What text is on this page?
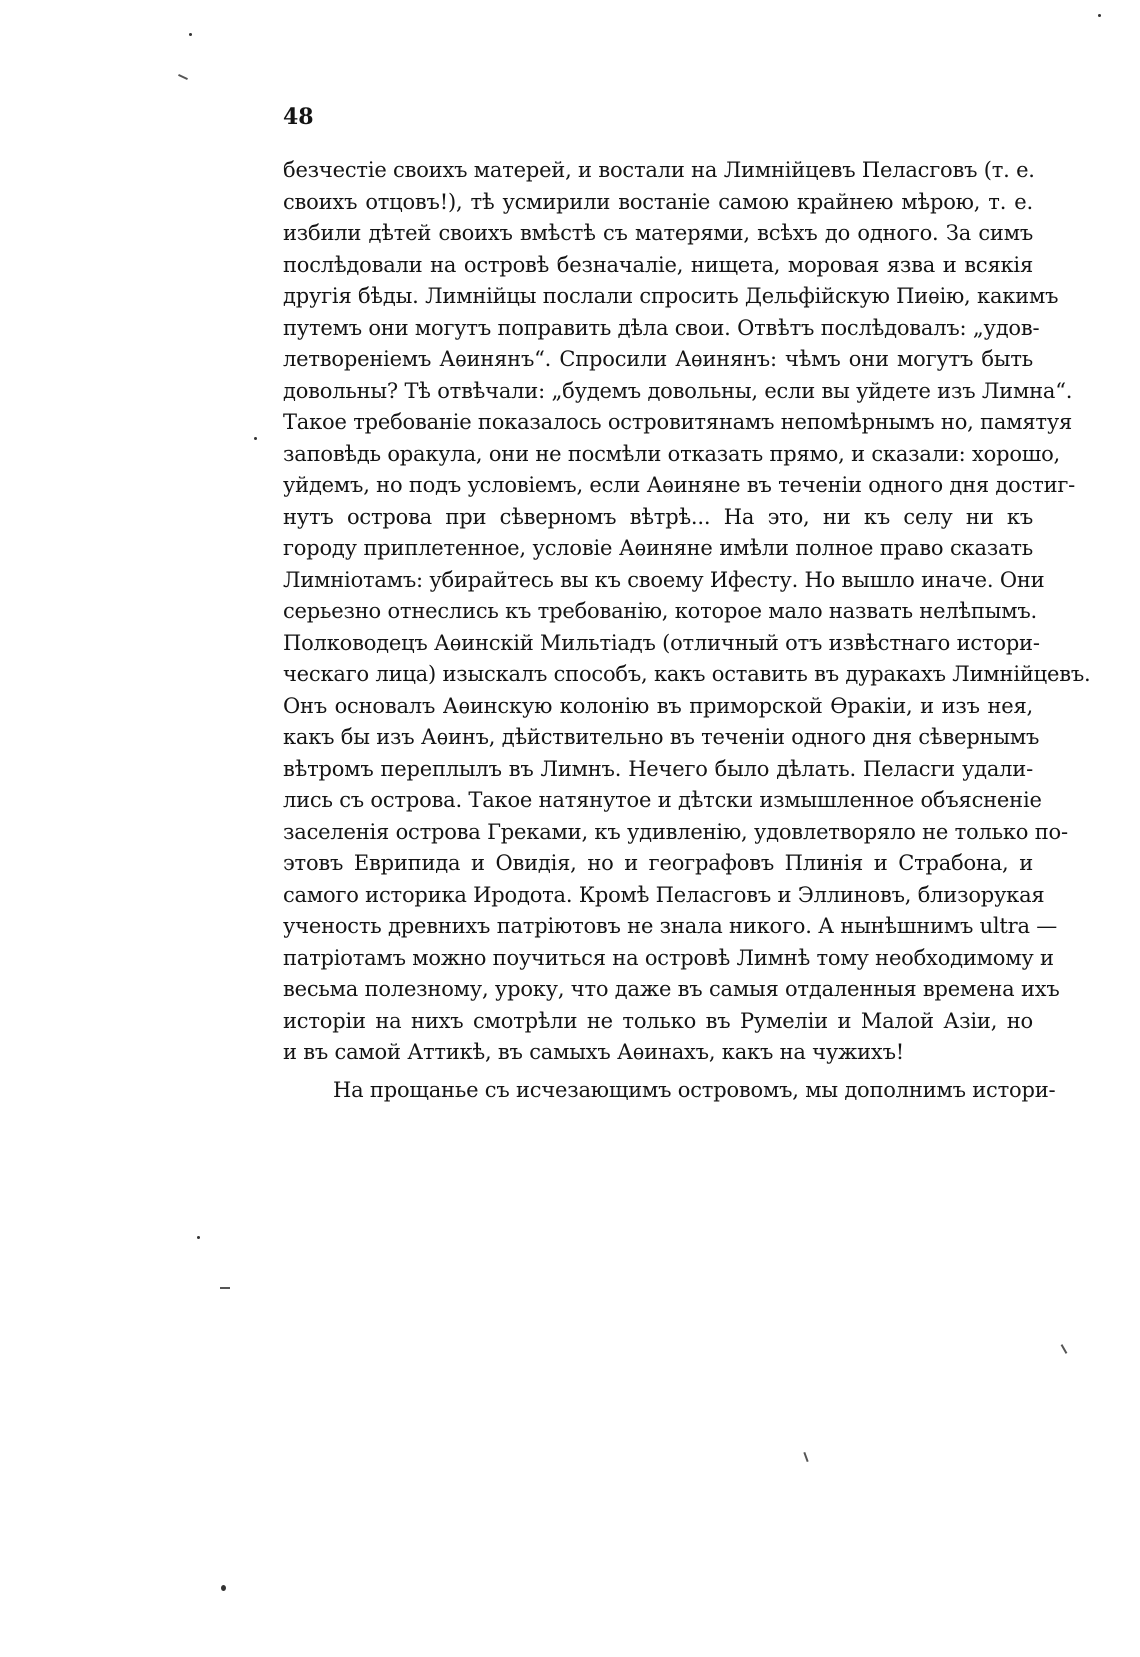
48
безчестіе своихъ матерей, и востали на Лимнійцевъ Пеласговъ (т. е.
своихъ отцовъ!), тѣ усмирили востаніе самою крайнею мѣрою, т. е.
избили дѣтей своихъ вмѣстѣ съ матерями, всѣхъ до одного. За симъ
послѣдовали на островѣ безначаліе, нищета, моровая язва и всякія
другія бѣды. Лимнійцы послали спросить Дельфійскую Пиѳію, какимъ
путемъ они могутъ поправить дѣла свои. Отвѣтъ послѣдовалъ: „удов-
летвореніемъ Аѳинянъ“. Спросили Аѳинянъ: чѣмъ они могутъ быть
довольны? Тѣ отвѣчали: „будемъ довольны, если вы уйдете изъ Лимна“.
Такое требованіе показалось островитянамъ непомѣрнымъ но, памятуя
заповѣдь оракула, они не посмѣли отказать прямо, и сказали: хорошо,
уйдемъ, но подъ условіемъ, если Аѳиняне въ теченіи одного дня достиг-
нутъ острова при сѣверномъ вѣтрѣ... На это, ни къ селу ни къ
городу приплетенное, условіе Аѳиняне имѣли полное право сказать
Лимніотамъ: убирайтесь вы къ своему Ифесту. Но вышло иначе. Они
серьезно отнеслись къ требованію, которое мало назвать нелѣпымъ.
Полководецъ Аѳинскій Мильтіадъ (отличный отъ извѣстнаго истори-
ческаго лица) изыскалъ способъ, какъ оставить въ дуракахъ Лимнійцевъ.
Онъ основалъ Аѳинскую колонію въ приморской Ѳракіи, и изъ нея,
какъ бы изъ Аѳинъ, дѣйствительно въ теченіи одного дня сѣвернымъ
вѣтромъ переплылъ въ Лимнъ. Нечего было дѣлать. Пеласги удали-
лись съ острова. Такое натянутое и дѣтски измышленное объясненіе
заселенія острова Греками, къ удивленію, удовлетворяло не только по-
этовъ Еврипида и Овидія, но и географовъ Плинія и Страбона, и
самого историка Иродота. Кромѣ Пеласговъ и Эллиновъ, близорукая
ученость древнихъ патріютовъ не знала никого. А нынѣшнимъ ultra —
патріотамъ можно поучиться на островѣ Лимнѣ тому необходимому и
весьма полезному, уроку, что даже въ самыя отдаленныя времена ихъ
исторіи на нихъ смотрѣли не только въ Румеліи и Малой Азіи, но
и въ самой Аттикѣ, въ самыхъ Аѳинахъ, какъ на чужихъ!
На прощанье съ исчезающимъ островомъ, мы дополнимъ истори-
